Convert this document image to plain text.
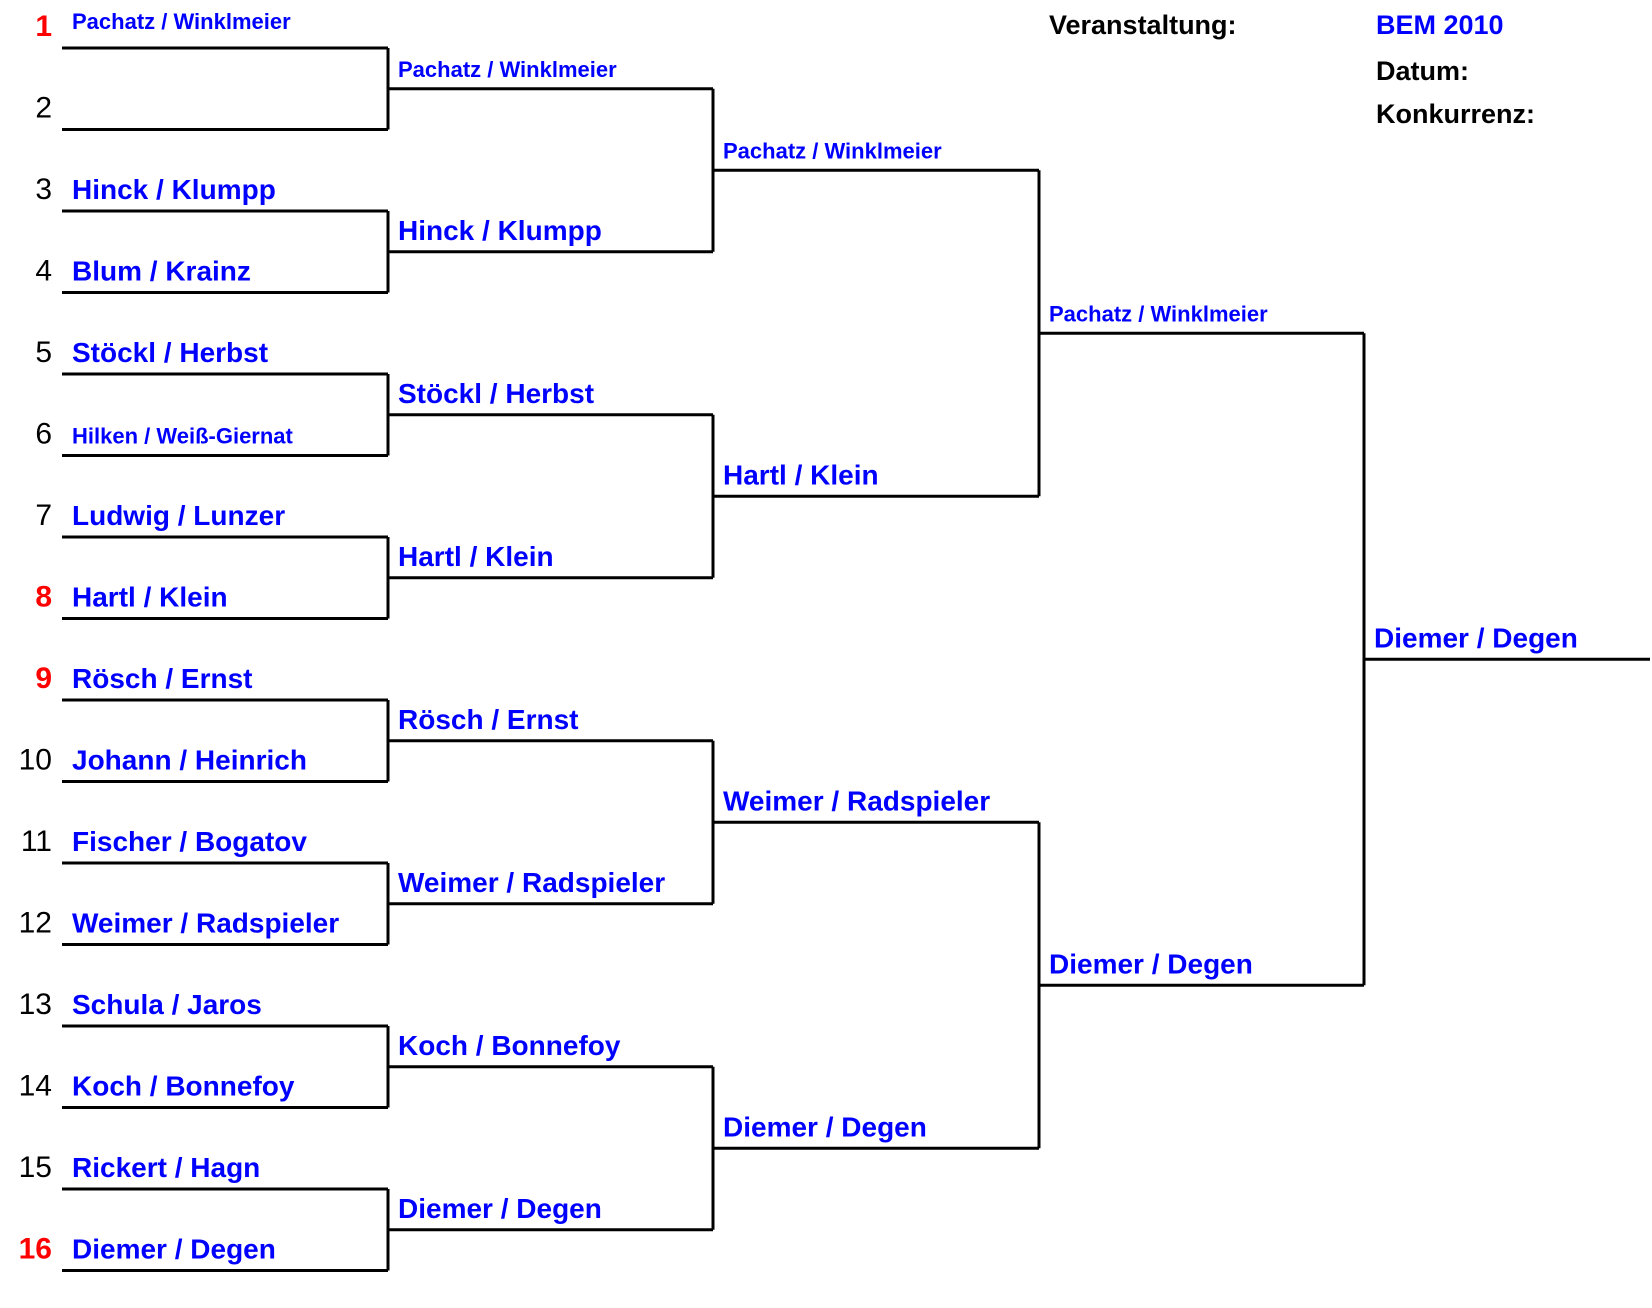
Veranstaltung:	BEM 2010
Datum:
Konkurrenz:
1 Pachatz / Winklmeier
2
3 Hinck / Klumpp
4 Blum / Krainz
5 Stöckl / Herbst
6 Hilken / Weiß-Giernat
7 Ludwig / Lunzer
8 Hartl / Klein
9 Rösch / Ernst
10 Johann / Heinrich
11 Fischer / Bogatov
12 Weimer / Radspieler
13 Schula / Jaros
14 Koch / Bonnefoy
15 Rickert / Hagn
16 Diemer / Degen
Pachatz / Winklmeier
Hinck / Klumpp
Stöckl / Herbst
Hartl / Klein
Rösch / Ernst
Weimer / Radspieler
Koch / Bonnefoy
Diemer / Degen
Pachatz / Winklmeier
Hartl / Klein
Weimer / Radspieler
Diemer / Degen
Pachatz / Winklmeier
Diemer / Degen
Diemer / Degen
